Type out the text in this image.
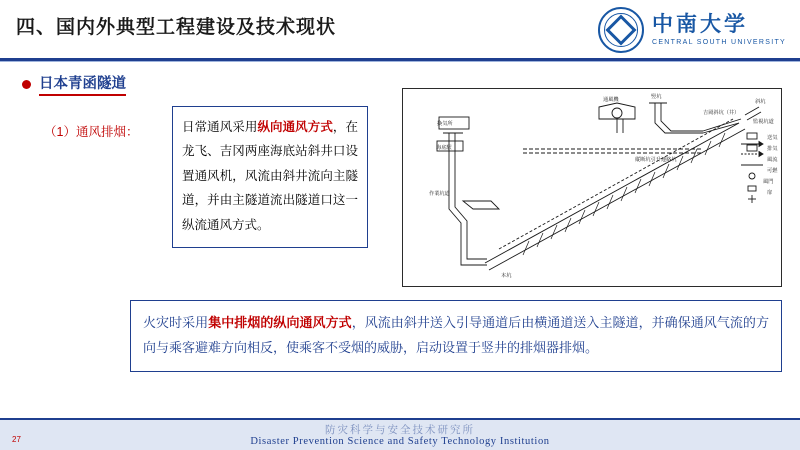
四、国内外典型工程建设及技术现状	中南大学
CENTRAL SOUTH UNIVERSITY
日本青函隧道
（1）通风排烟：	日常通风采用纵向通风方式，在龙飞、吉冈两座海底站斜井口设置通风机，风流由斜井流向主隧道，并由主隧道流出隧道口这一纵流通风方式。

通風機	竪坑
吉岡斜坑（井）
斜坑
監視坑道
送気
排気
風流
可燃
風門
扉
换気所
海底駅
作業坑道
本坑
縦断坑引升連絡坑

火灾时采用集中排烟的纵向通风方式，风流由斜井送入引导通道后由横通道送入主隧道，并确保通风气流的方向与乘客避难方向相反，使乘客不受烟的威胁，启动设置于竖井的排烟器排烟。

防灾科学与安全技术研究所
Disaster Prevention Science and Safety Technology Institution
27
